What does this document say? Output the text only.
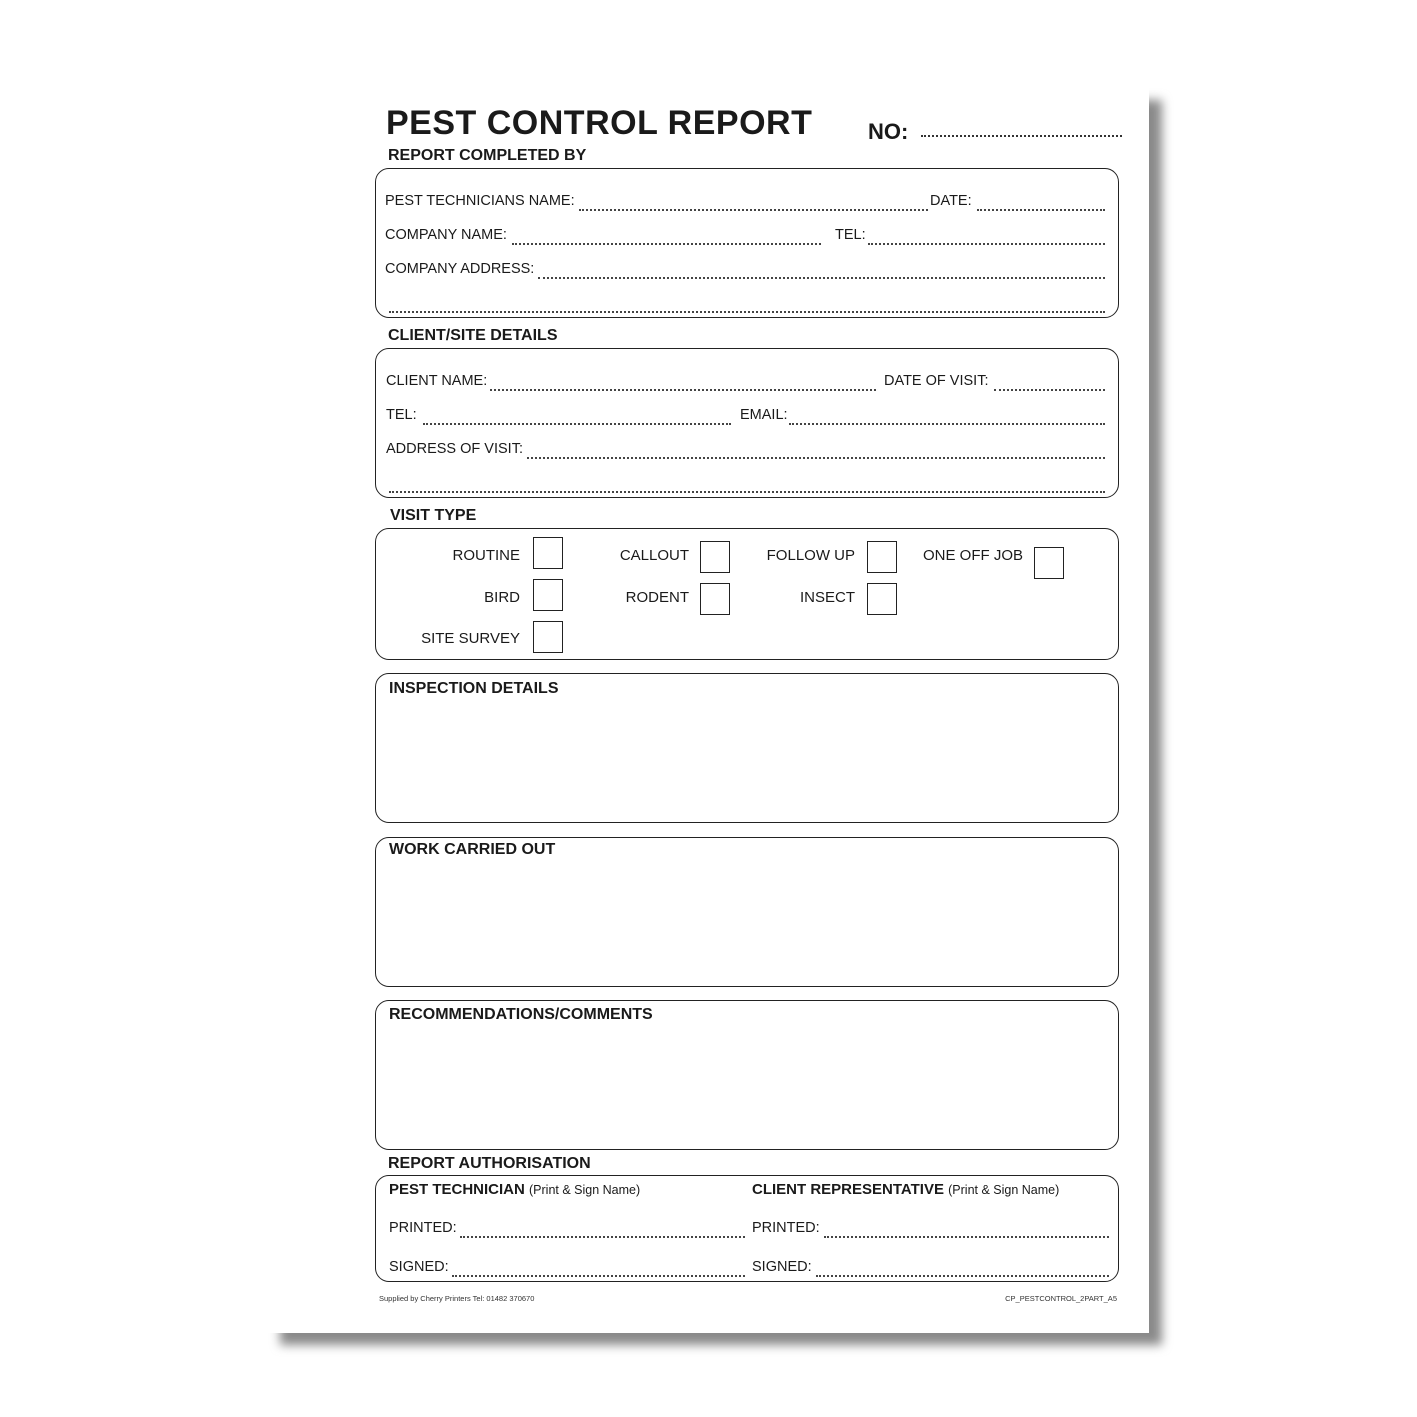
PEST CONTROL REPORT	NO:
REPORT COMPLETED BY
PEST TECHNICIANS NAME:	DATE:
COMPANY NAME:	TEL:
COMPANY ADDRESS:
CLIENT/SITE DETAILS
CLIENT NAME:	DATE OF VISIT:
TEL:	EMAIL:
ADDRESS OF VISIT:
VISIT TYPE
ROUTINE	CALLOUT	FOLLOW UP	ONE OFF JOB
BIRD	RODENT	INSECT
SITE SURVEY
INSPECTION DETAILS
WORK CARRIED OUT
RECOMMENDATIONS/COMMENTS
REPORT AUTHORISATION
PEST TECHNICIAN (Print & Sign Name)	CLIENT REPRESENTATIVE (Print & Sign Name)
PRINTED:	PRINTED:
SIGNED:	SIGNED:
Supplied by Cherry Printers Tel: 01482 370670	CP_PESTCONTROL_2PART_A5
